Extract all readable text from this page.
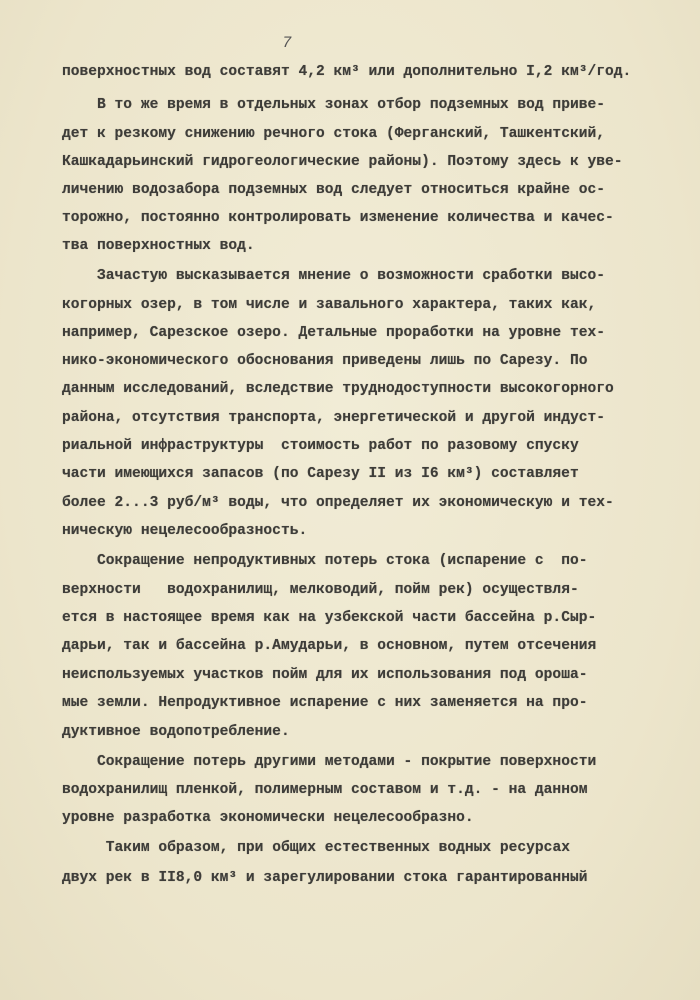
7
поверхностных вод составят 4,2 км³ или дополнительно I,2 км³/год.
В то же время в отдельных зонах отбор подземных вод приве-
дет к резкому снижению речного стока (Ферганский, Ташкентский,
Кашкадарьинский гидрогеологические районы). Поэтому здесь к уве-
личению водозабора подземных вод следует относиться крайне ос-
торожно, постоянно контролировать изменение количества и качес-
тва поверхностных вод.
Зачастую высказывается мнение о возможности сработки высо-
когорных озер, в том числе и завального характера, таких как,
например, Сарезское озеро. Детальные проработки на уровне тех-
нико-экономического обоснования приведены лишь по Сарезу. По
данным исследований, вследствие труднодоступности высокогорного
района, отсутствия транспорта, энергетической и другой индуст-
риальной инфраструктуры  стоимость работ по разовому спуску
части имеющихся запасов (по Сарезу II из I6 км³) составляет
более 2...3 руб/м³ воды, что определяет их экономическую и тех-
ническую нецелесообразность.
Сокращение непродуктивных потерь стока (испарение с  по-
верхности   водохранилищ, мелководий, пойм рек) осуществля-
ется в настоящее время как на узбекской части бассейна р.Сыр-
дарьи, так и бассейна р.Амударьи, в основном, путем отсечения
неиспользуемых участков пойм для их использования под ороша-
мые земли. Непродуктивное испарение с них заменяется на про-
дуктивное водопотребление.
Сокращение потерь другими методами - покрытие поверхности
водохранилищ пленкой, полимерным составом и т.д. - на данном
уровне разработка экономически нецелесообразно.
Таким образом, при общих естественных водных ресурсах
двух рек в II8,0 км³ и зарегулировании стока гарантированный
